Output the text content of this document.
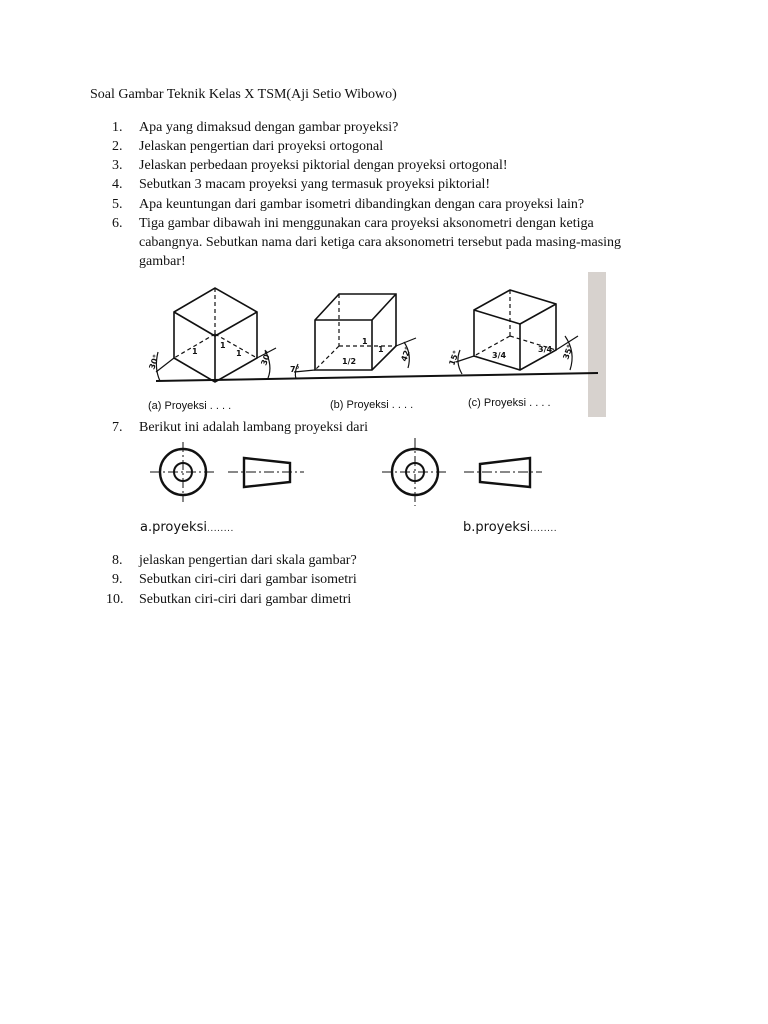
Soal Gambar Teknik Kelas X TSM(Aji Setio Wibowo)
1.	Apa yang dimaksud dengan gambar proyeksi?
2.	Jelaskan pengertian dari proyeksi ortogonal
3.	Jelaskan perbedaan proyeksi piktorial dengan proyeksi ortogonal!
4.	Sebutkan 3 macam proyeksi yang termasuk proyeksi piktorial!
5.	Apa keuntungan dari gambar isometri dibandingkan dengan cara proyeksi lain?
6.	Tiga gambar dibawah ini menggunakan cara proyeksi aksonometri dengan ketiga
cabangnya. Sebutkan nama dari ketiga cara aksonometri tersebut pada masing-masing
gambar!
1
1
1
30°	30°
1
1/2
1
7°
42°	3/4
3/4
15°	35°
(a) Proyeksi . . . .	(b) Proyeksi . . . .	(c) Proyeksi . . . .
7.	Berikut ini adalah lambang proyeksi dari
a.proyeksi........	b.proyeksi........
8.	jelaskan pengertian dari skala gambar?
9.	Sebutkan ciri-ciri dari gambar isometri
10.	Sebutkan ciri-ciri dari gambar dimetri
